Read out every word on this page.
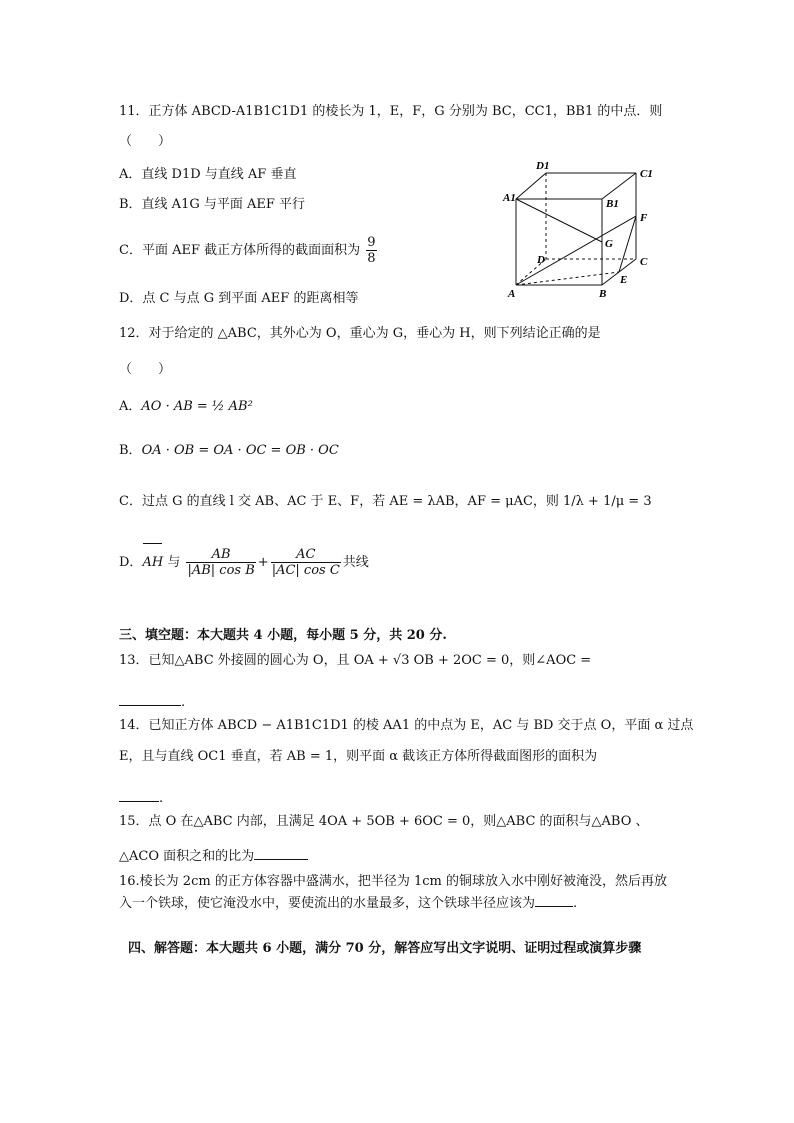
11．正方体 ABCD-A1B1C1D1 的棱长为 1，E，F，G 分别为 BC，CC1，BB1 的中点．则
（　　）
A．直线 D1D 与直线 AF 垂直
B．直线 A1G 与平面 AEF 平行
C．平面 AEF 截正方体所得的截面面积为 $\frac{9}{8}$
D．点 C 与点 G 到平面 AEF 的距离相等
D1
C1
A1	B1
F
G
D	C
E
A	B
12．对于给定的 △ABC，其外心为 O，重心为 G，垂心为 H，则下列结论正确的是
（　　）
A．AO · AB = ½ AB²
B．OA · OB = OA · OC = OB · OC
C．过点 G 的直线 l 交 AB、AC 于 E、F，若 AE = λAB，AF = μAC，则 1/λ + 1/μ = 3
D．AH 与 $\frac{AB}{\text{|AB| cos B}} + \frac{AC}{\text{|AC| cos C}}$ 共线
三、填空题：本大题共 4 小题，每小题 5 分，共 20 分.
13．已知△ABC 外接圆的圆心为 O，且 OA + √3 OB + 2OC = 0，则∠AOC =
.
14．已知正方体 ABCD − A1B1C1D1 的棱 AA1 的中点为 E，AC 与 BD 交于点 O，平面 α 过点
E，且与直线 OC1 垂直，若 AB = 1，则平面 α 截该正方体所得截面图形的面积为
.
15．点 O 在△ABC 内部，且满足 4OA + 5OB + 6OC = 0，则△ABC 的面积与△ABO 、
△ACO 面积之和的比为
16.棱长为 2cm 的正方体容器中盛满水，把半径为 1cm 的铜球放入水中刚好被淹没，然后再放
入一个铁球，使它淹没水中，要使流出的水量最多，这个铁球半径应该为	.
四、解答题：本大题共 6 小题，满分 70 分，解答应写出文字说明、证明过程或演算步骤
